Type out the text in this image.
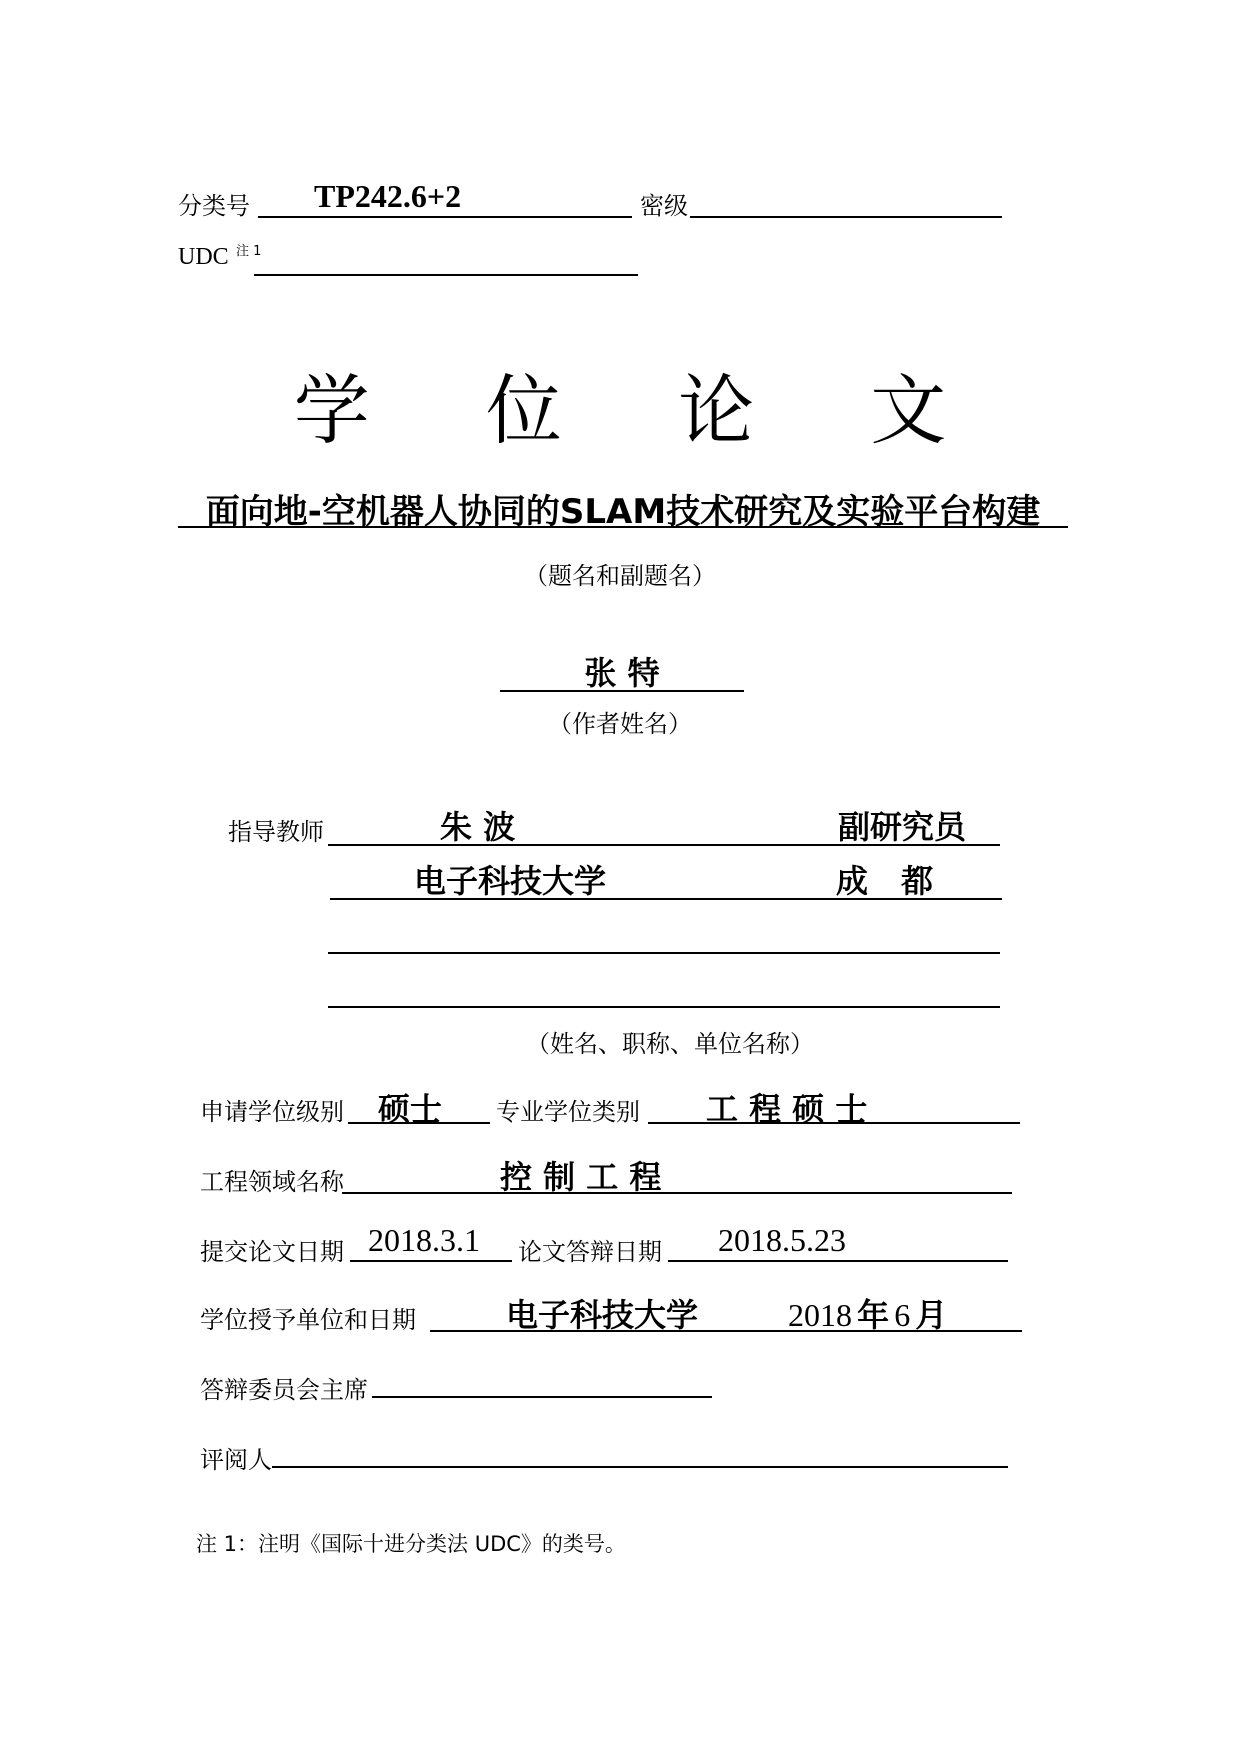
分类号 TP242.6+2	密级
UDC 注 1
学 位 论 文
面向地-空机器人协同的SLAM技术研究及实验平台构建
（题名和副题名）
张 特
（作者姓名）
指导教师	朱 波	副研究员
电子科技大学	成 都
（姓名、职称、单位名称）
申请学位级别 硕士 专业学位类别 工 程 硕 士
工程领域名称	控 制 工 程
提交论文日期 2018.3.1 论文答辩日期 2018.5.23
学位授予单位和日期	电子科技大学	2018 年 6 月
答辩委员会主席
评阅人
注 1：注明《国际十进分类法 UDC》的类号。
